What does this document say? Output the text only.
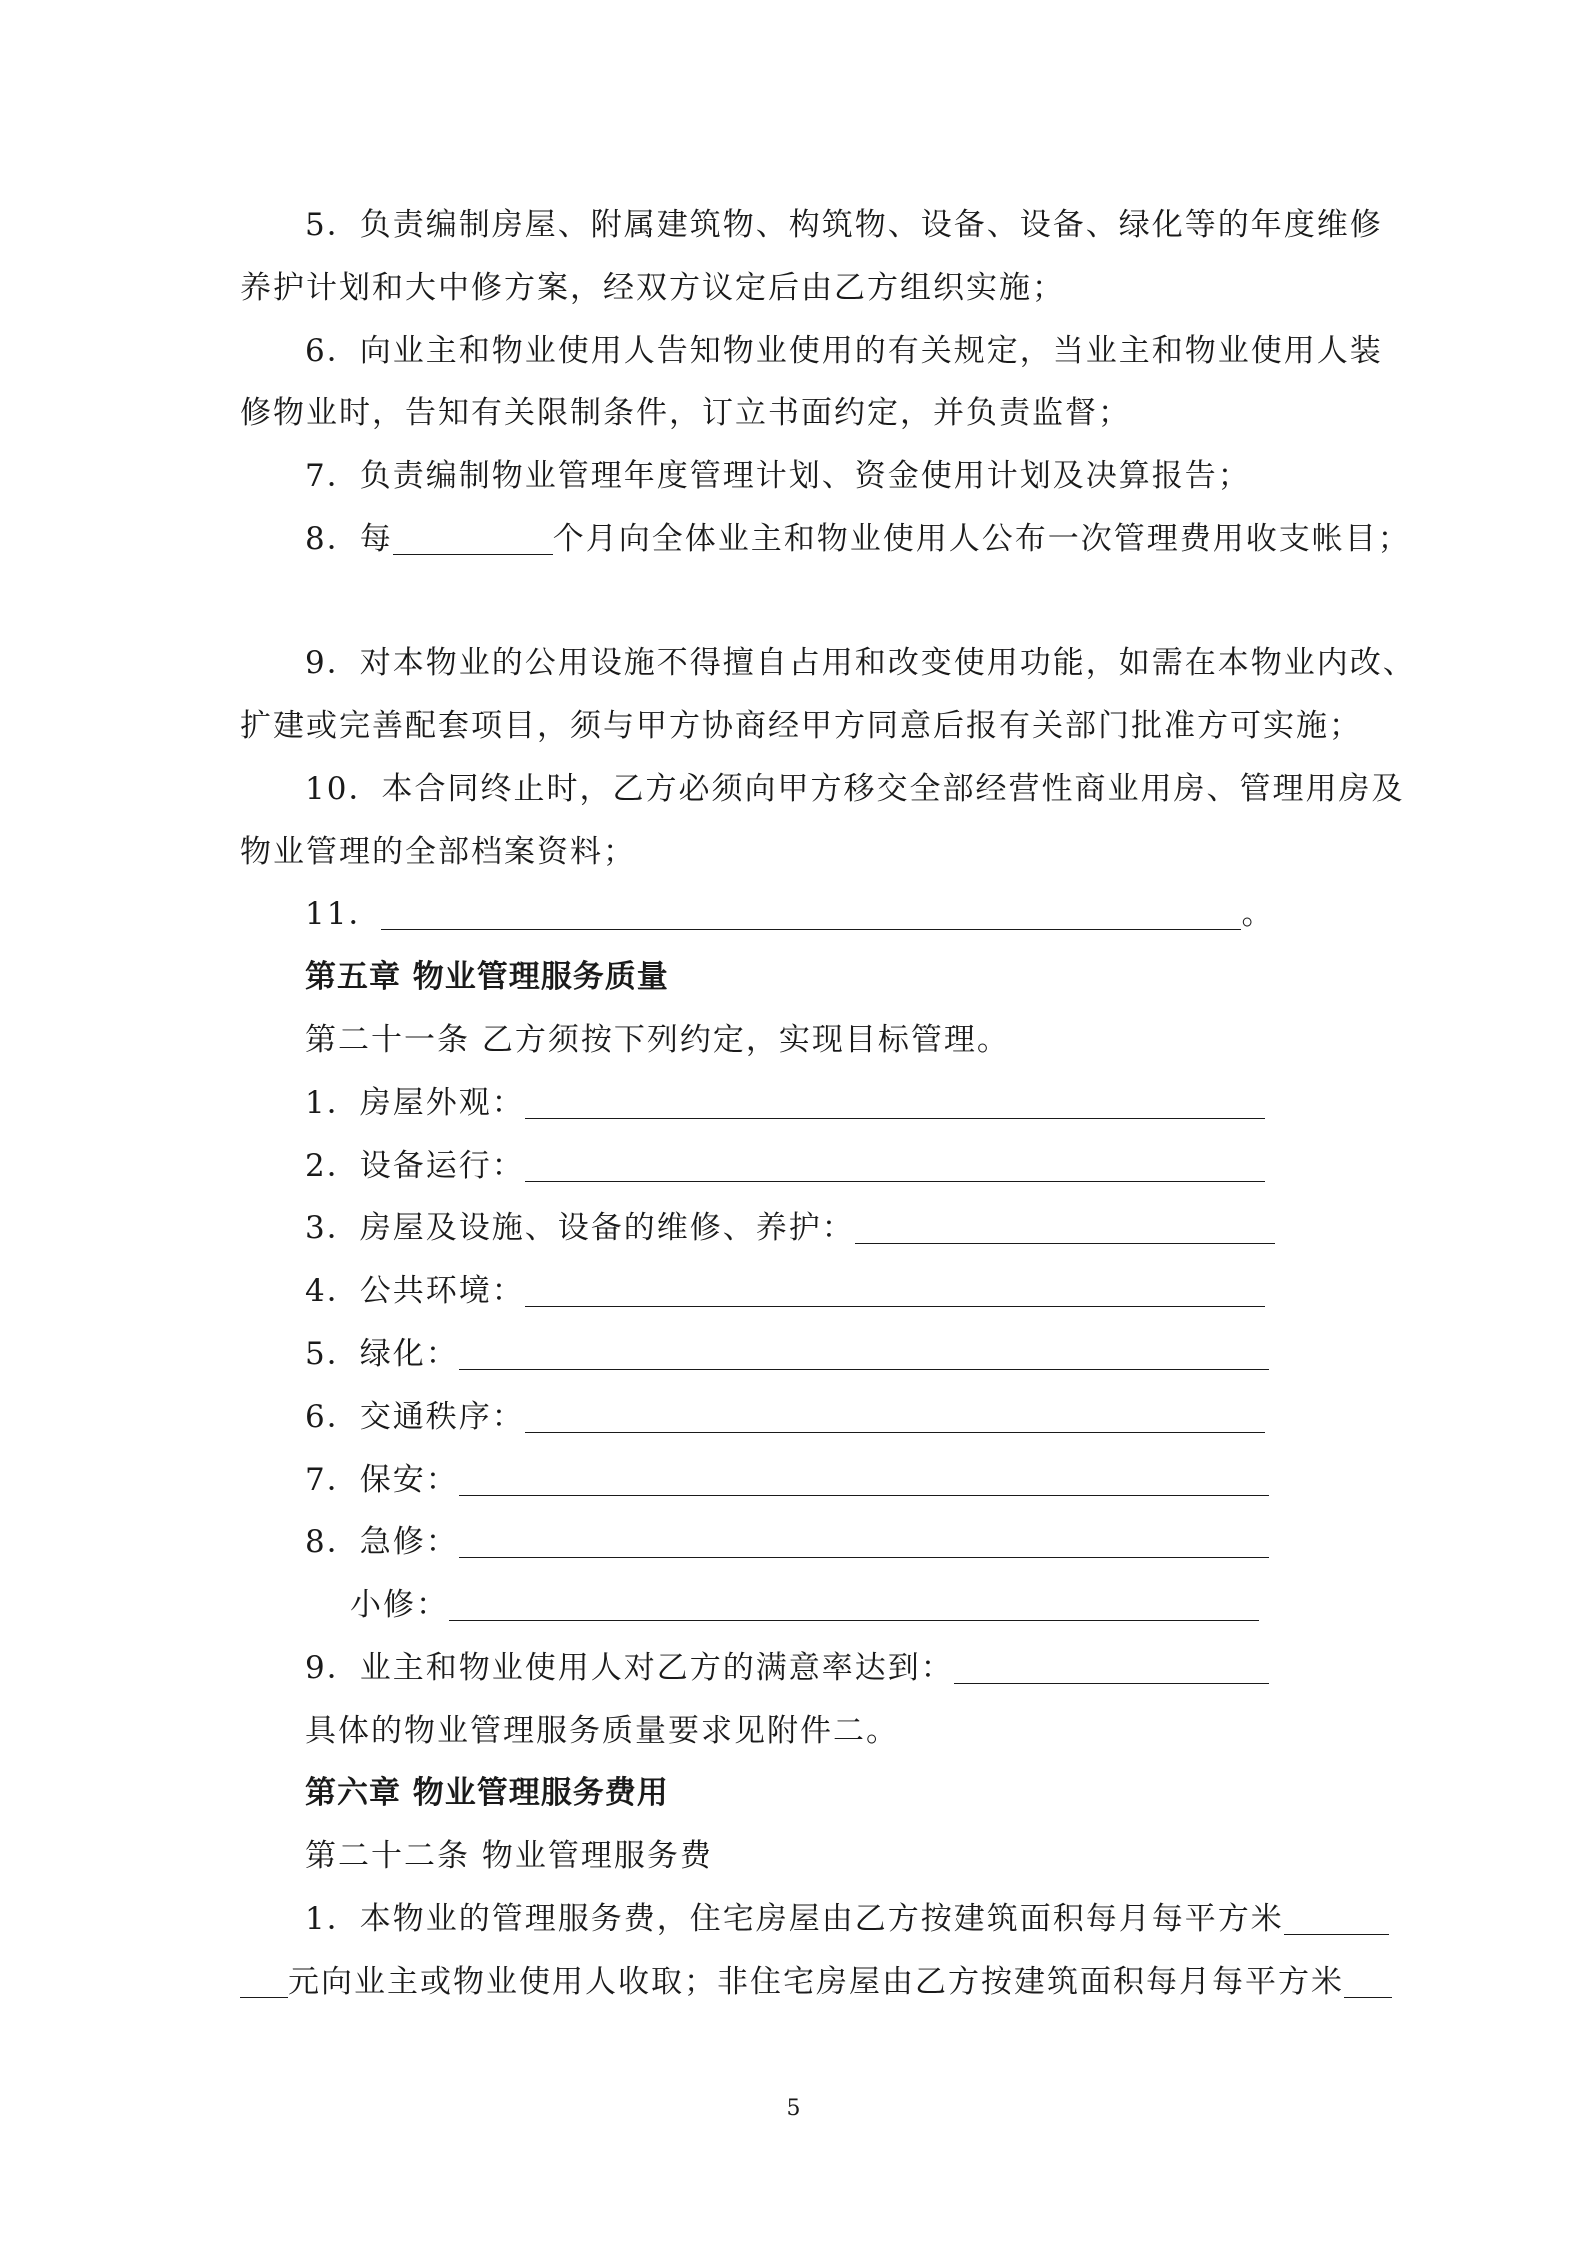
5．负责编制房屋、附属建筑物、构筑物、设备、设备、绿化等的年度维修
养护计划和大中修方案，经双方议定后由乙方组织实施；
6．向业主和物业使用人告知物业使用的有关规定，当业主和物业使用人装
修物业时，告知有关限制条件，订立书面约定，并负责监督；
7．负责编制物业管理年度管理计划、资金使用计划及决算报告；
8．每	个月向全体业主和物业使用人公布一次管理费用收支帐目；
9．对本物业的公用设施不得擅自占用和改变使用功能，如需在本物业内改、
扩建或完善配套项目，须与甲方协商经甲方同意后报有关部门批准方可实施；
10．本合同终止时，乙方必须向甲方移交全部经营性商业用房、管理用房及
物业管理的全部档案资料；
11．	。
第五章 物业管理服务质量
第二十一条 乙方须按下列约定，实现目标管理。
1．房屋外观：
2．设备运行：
3．房屋及设施、设备的维修、养护：
4．公共环境：
5．绿化：
6．交通秩序：
7．保安：
8．急修：
小修：
9．业主和物业使用人对乙方的满意率达到：
具体的物业管理服务质量要求见附件二。
第六章 物业管理服务费用
第二十二条 物业管理服务费
1．本物业的管理服务费，住宅房屋由乙方按建筑面积每月每平方米
元向业主或物业使用人收取；非住宅房屋由乙方按建筑面积每月每平方米
5
